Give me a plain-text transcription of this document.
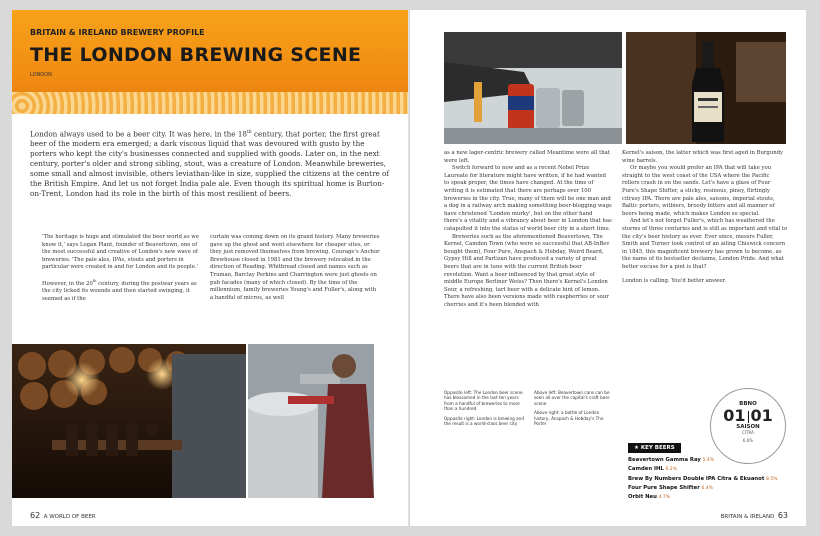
BRITAIN & IRELAND BREWERY PROFILE
THE LONDON BREWING SCENE
LONDON

London always used to be a beer city. It was here, in the 18th century, that porter, the first great beer of the modern era emerged; a dark viscous liquid that was devoured with gusto by the porters who kept the city's businesses connected and supplied with goods. Later on, in the next century, porter's older and strong sibling, stout, was a creature of London. Meanwhile breweries, some small and almost invisible, others leviathan-like in size, supplied the citizens at the centre of the British Empire. And let us not forget India pale ale. Even though its spiritual home is Burton-on-Trent, London had its role in the birth of this most resilient of beers.

'The heritage is huge and stimulated the beer world as we know it,' says Logan Plant, founder of Beavertown, one of the most successful and creative of London's new wave of breweries. 'The pale ales, IPAs, stouts and porters in particular were created in and for London and its people.'

However, in the 20th century, during the postwar years as the city licked its wounds and then started swinging, it seemed as if the

curtain was coming down on its grand history. Many breweries gave up the ghost and went elsewhere for cheaper sites, or they just removed themselves from brewing. Courage's Anchor Brewhouse closed in 1981 and the brewery relocated in the direction of Reading. Whitbread closed and names such as Truman, Barclay Perkins and Charrington were just ghosts on pub facades (many of which closed). By the time of the millennium, family breweries Young's and Fuller's, along with a handful of micros, as well

62 A WORLD OF BEER

as a new lager-centric brewery called Meantime were all that were left.

Switch forward to now and as a recent Nobel Prize Laureate for literature might have written, if he had wanted to speak proper, the times have changed. At the time of writing it is estimated that there are perhaps over 100 breweries in the city. True, many of them will be one man and a dog in a railway arch making something beer-blogging wags have christened 'London murky', but on the other hand there's a vitality and a vibrancy about beer in London that has catapulted it into the status of world beer city in a short time.

Breweries such as the aforementioned Beavertown, The Kernel, Camden Town (who were so successful that AB-InBev bought them), Four Pure, Anspach & Hobday, Weird Beard, Gypsy Hill and Partizan have produced a variety of great beers that are in tune with the current British beer revolution. Want a beer influenced by that great style of middle Europe Berliner Weiss? Then there's Kernel's London Sour, a refreshing, tart beer with a delicate hint of lemon. There have also been versions made with raspberries or sour cherries and it's been blended with

Kernel's saison, the latter which was first aged in Burgundy wine barrels.

Or maybe you would prefer an IPA that will take you straight to the west coast of the USA where the Pacific rollers crash in on the sands. Let's have a glass of Four Pure's Shape Shifter, a sticky, resinous, piney, flirtingly citrusy IPA. There are pale ales, saisons, imperial stouts, Baltic porters, witbiers, broody bitters and all manner of beers being made, which makes London so special.

And let's not forget Fuller's, which has weathered the storms of three centuries and is still as important and vital to the city's beer history as ever. Ever since, messrs Fuller, Smith and Turner took control of an ailing Chiswick concern in 1845, this magnificent brewery has grown to become, as the name of its bestseller declaims, London Pride. And what better excuse for a pint is that?

London is calling. You'd better answer.

Opposite left: The London beer scene has blossomed in the last ten years from a handful of breweries to more than a hundred

Opposite right: London is brewing and the result is a world-class beer city

Above left: Beavertown cans can be seen all over the capital's craft beer scene

Above right: a bottle of London history, Anspach & Hobday's The Porter

BBNO
01 01
SAISON
CITRA
6.6%
★ KEY BEERS
Beavertown Gamma Ray 5.4%
Camden IHL 6.2%
Brew By Numbers Double IPA Citra & Ekuanot 8.5%
Four Pure Shape Shifter 6.4%
Orbit Neu 4.7%
BRITAIN & IRELAND 63
